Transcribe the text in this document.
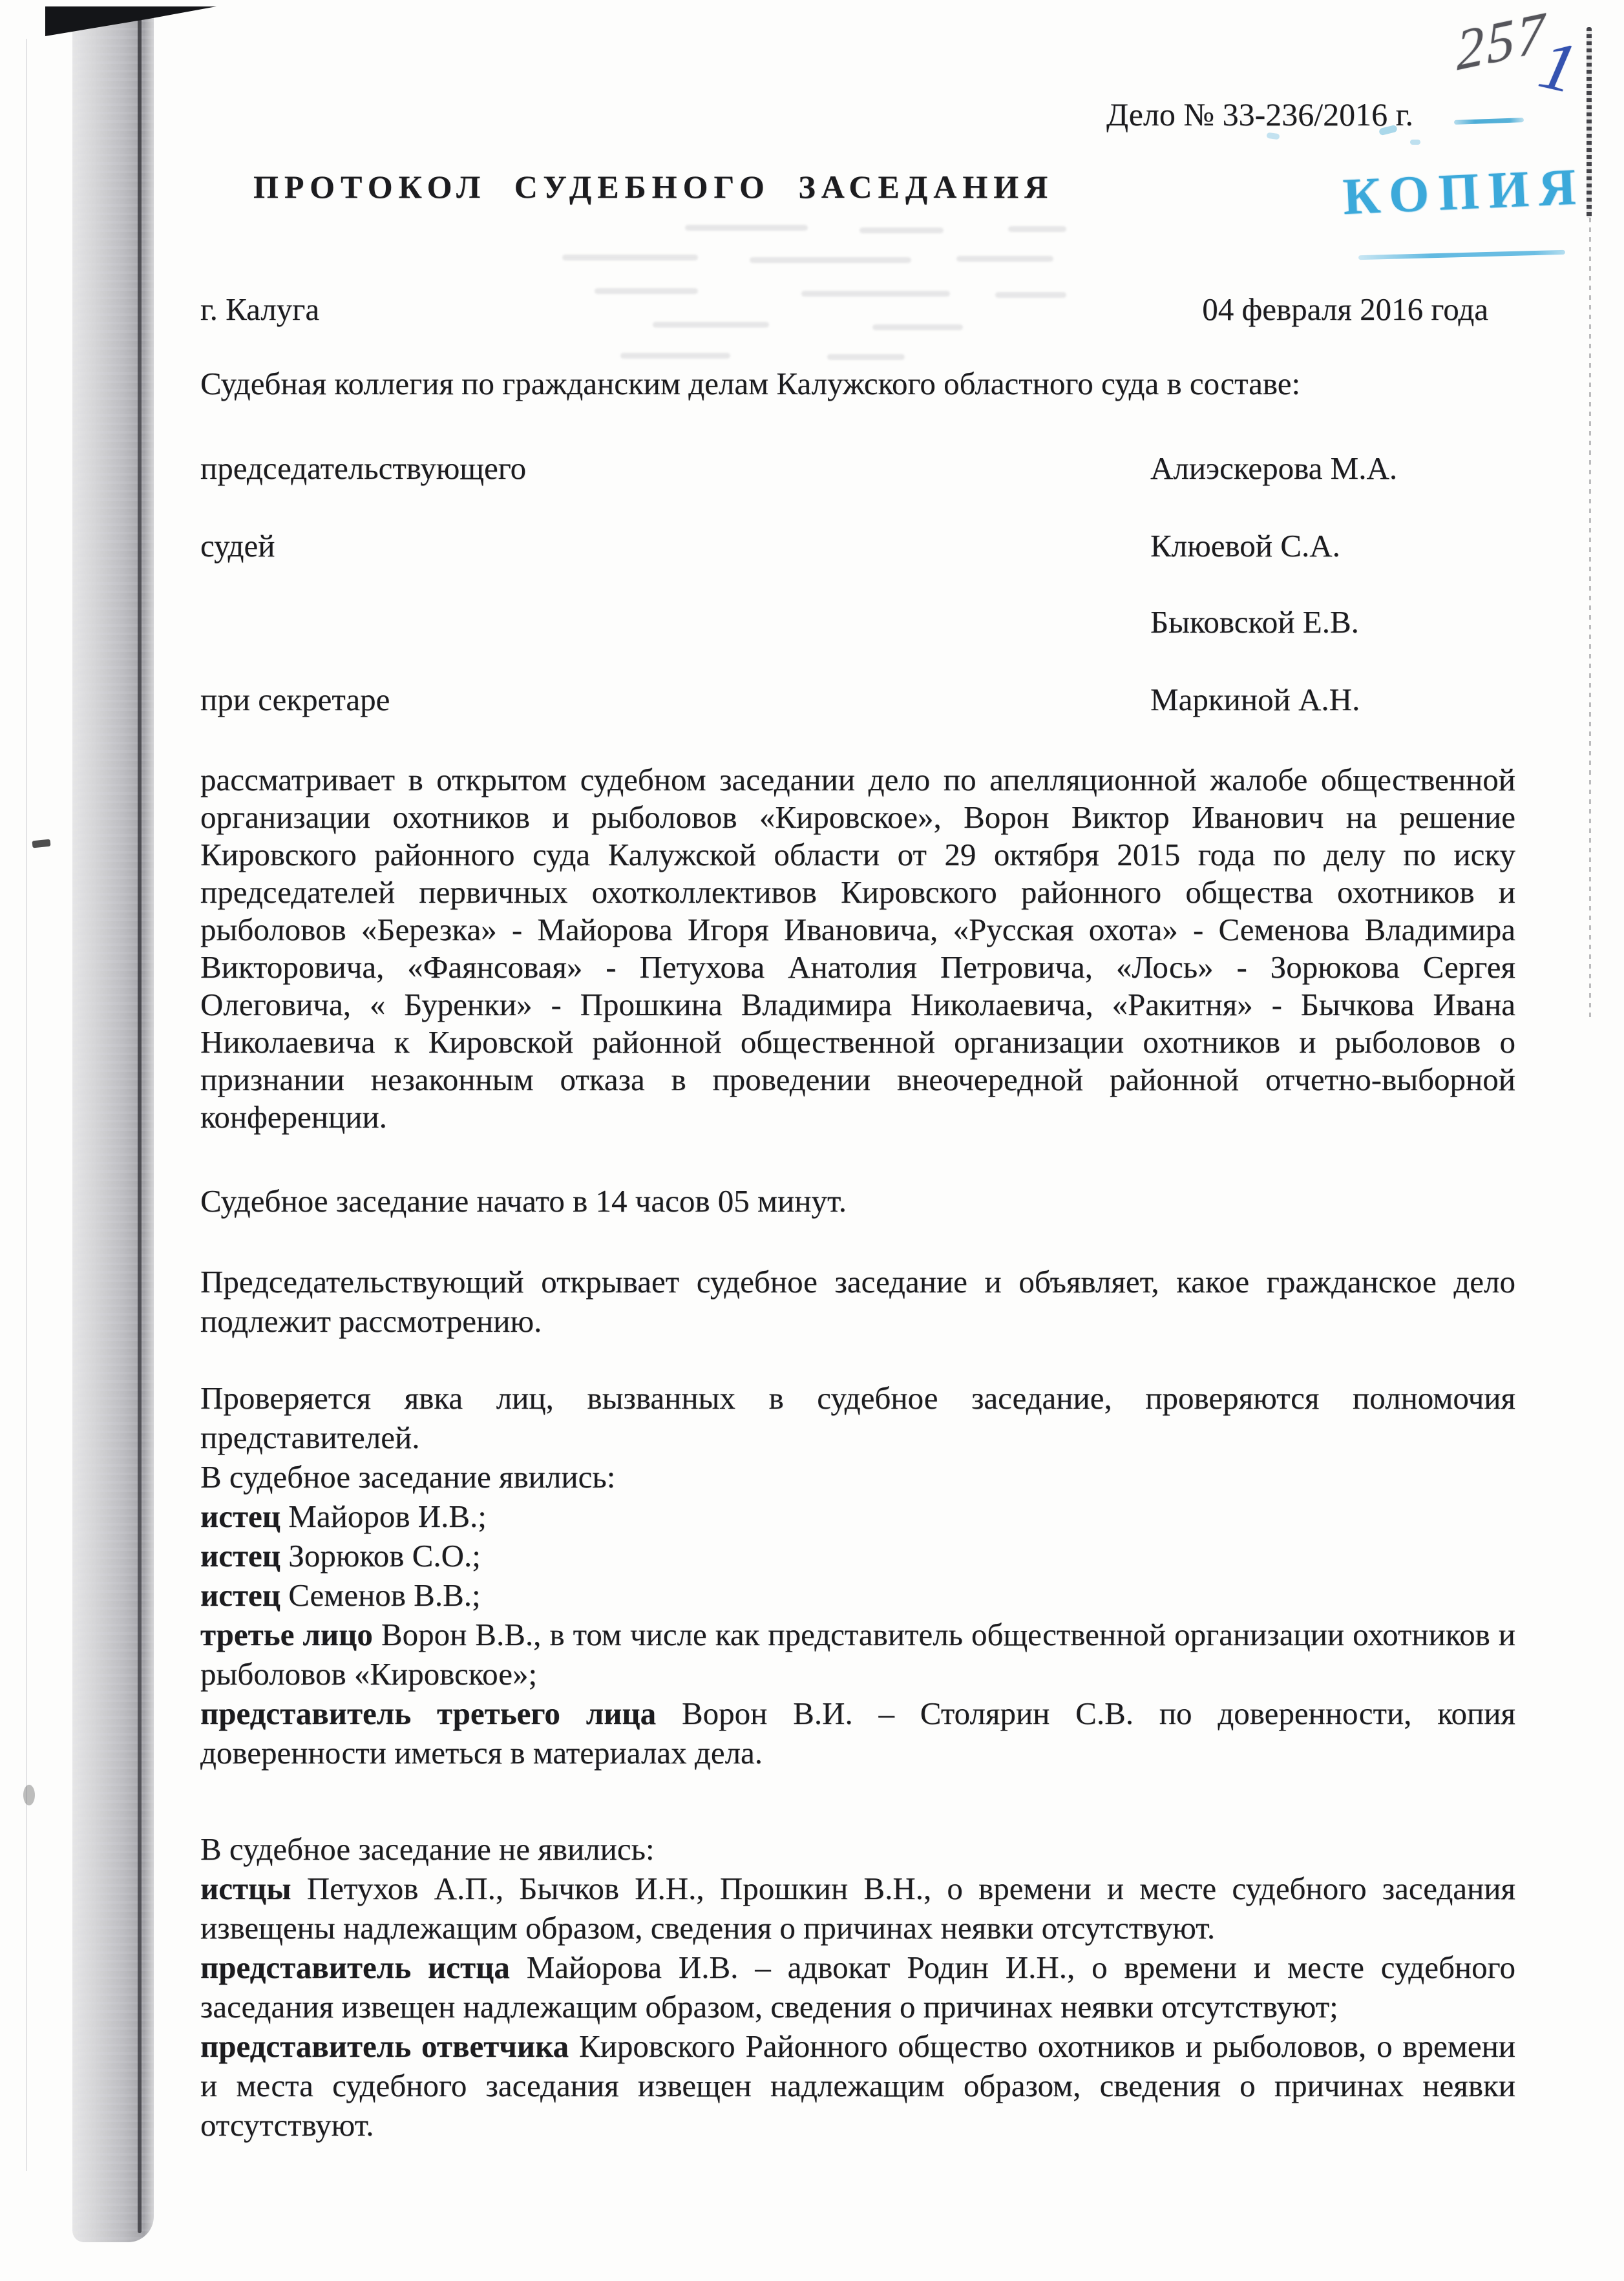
257
1
КОПИЯ
Дело № 33-236/2016 г.
ПРОТОКОЛ СУДЕБНОГО ЗАСЕДАНИЯ
г. Калуга	04 февраля 2016 года
Судебная коллегия по гражданским делам Калужского областного суда в составе:
председательствующего	Алиэскерова М.А.
судей	Клюевой С.А.
Быковской Е.В.
при секретаре	Маркиной А.Н.

рассматривает в открытом судебном заседании дело по апелляционной жалобе общественной организации охотников и рыболовов «Кировское», Ворон Виктор Иванович на решение Кировского районного суда Калужской области от 29 октября 2015 года по делу по иску председателей первичных охотколлективов Кировского районного общества охотников и рыболовов «Березка» - Майорова Игоря Ивановича, «Русская охота» - Семенова Владимира Викторовича, «Фаянсовая» - Петухова Анатолия Петровича, «Лось» - Зорюкова Сергея Олеговича, « Буренки» - Прошкина Владимира Николаевича, «Ракитня» - Бычкова Ивана Николаевича к Кировской районной общественной организации охотников и рыболовов о признании незаконным отказа в проведении внеочередной районной отчетно-выборной конференции.

Судебное заседание начато в 14 часов 05 минут.

Председательствующий открывает судебное заседание и объявляет, какое гражданское дело подлежит рассмотрению.

Проверяется явка лиц, вызванных в судебное заседание, проверяются полномочия представителей.

В судебное заседание явились:

истец Майоров И.В.;

истец Зорюков С.О.;

истец Семенов В.В.;

третье лицо Ворон В.В., в том числе как представитель общественной организации охотников и рыболовов «Кировское»;

представитель третьего лица Ворон В.И. – Столярин С.В. по доверенности, копия доверенности иметься в материалах дела.

В судебное заседание не явились:

истцы Петухов А.П., Бычков И.Н., Прошкин В.Н., о времени и месте судебного заседания извещены надлежащим образом, сведения о причинах неявки отсутствуют.

представитель истца Майорова И.В. – адвокат Родин И.Н., о времени и месте судебного заседания извещен надлежащим образом, сведения о причинах неявки отсутствуют;

представитель ответчика Кировского Районного общество охотников и рыболовов, о времени и места судебного заседания извещен надлежащим образом, сведения о причинах неявки отсутствуют.
